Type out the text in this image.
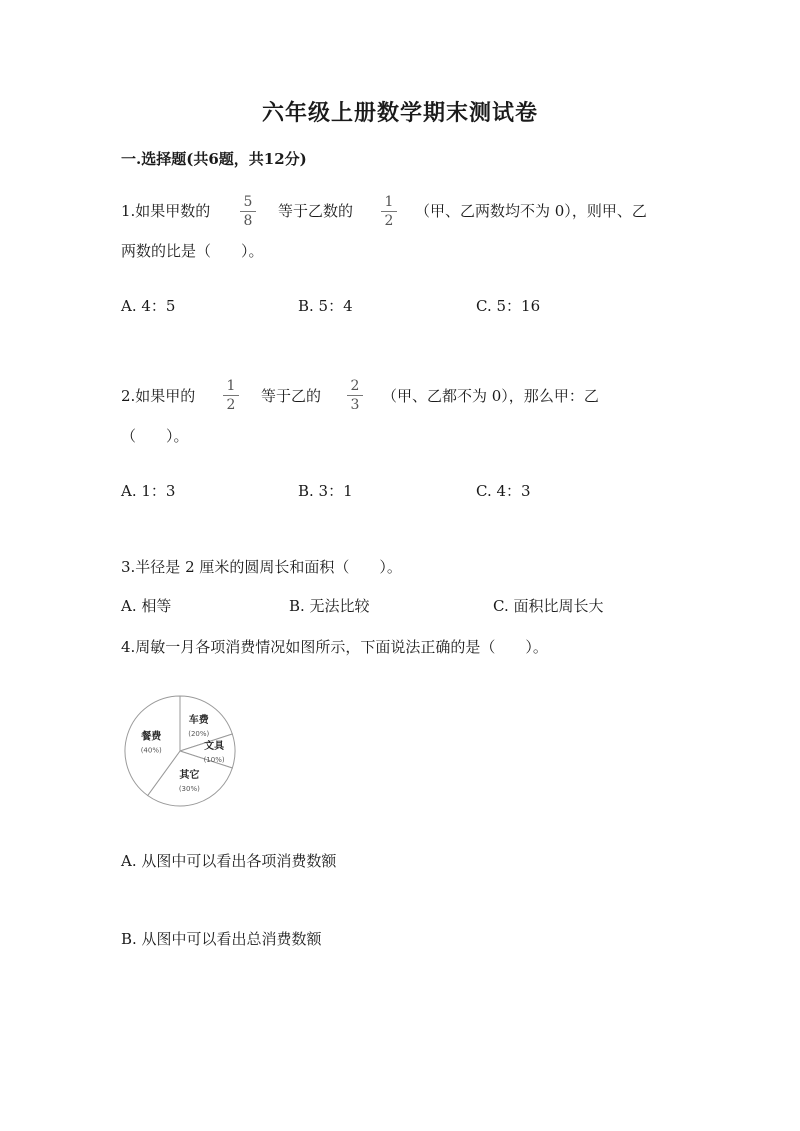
六年级上册数学期末测试卷
一.选择题(共6题，共12分)
1.如果甲数的 5
8
等于乙数的 1
2
（甲、乙两数均不为 0），则甲、乙
两数的比是（　　）。
A. 4：5	B. 5：4	C. 5：16
2.如果甲的
1
2 等于乙的
2
3 （甲、乙都不为 0），那么甲：乙
（　　）。
A. 1：3	B. 3：1	C. 4：3
3.半径是 2 厘米的圆周长和面积（　　）。
A. 相等	B. 无法比较	C. 面积比周长大
4.周敏一月各项消费情况如图所示，下面说法正确的是（　　）。
车费
(20%)
文具
(10%)
其它
(30%)
餐费
(40%)
A. 从图中可以看出各项消费数额
B. 从图中可以看出总消费数额
